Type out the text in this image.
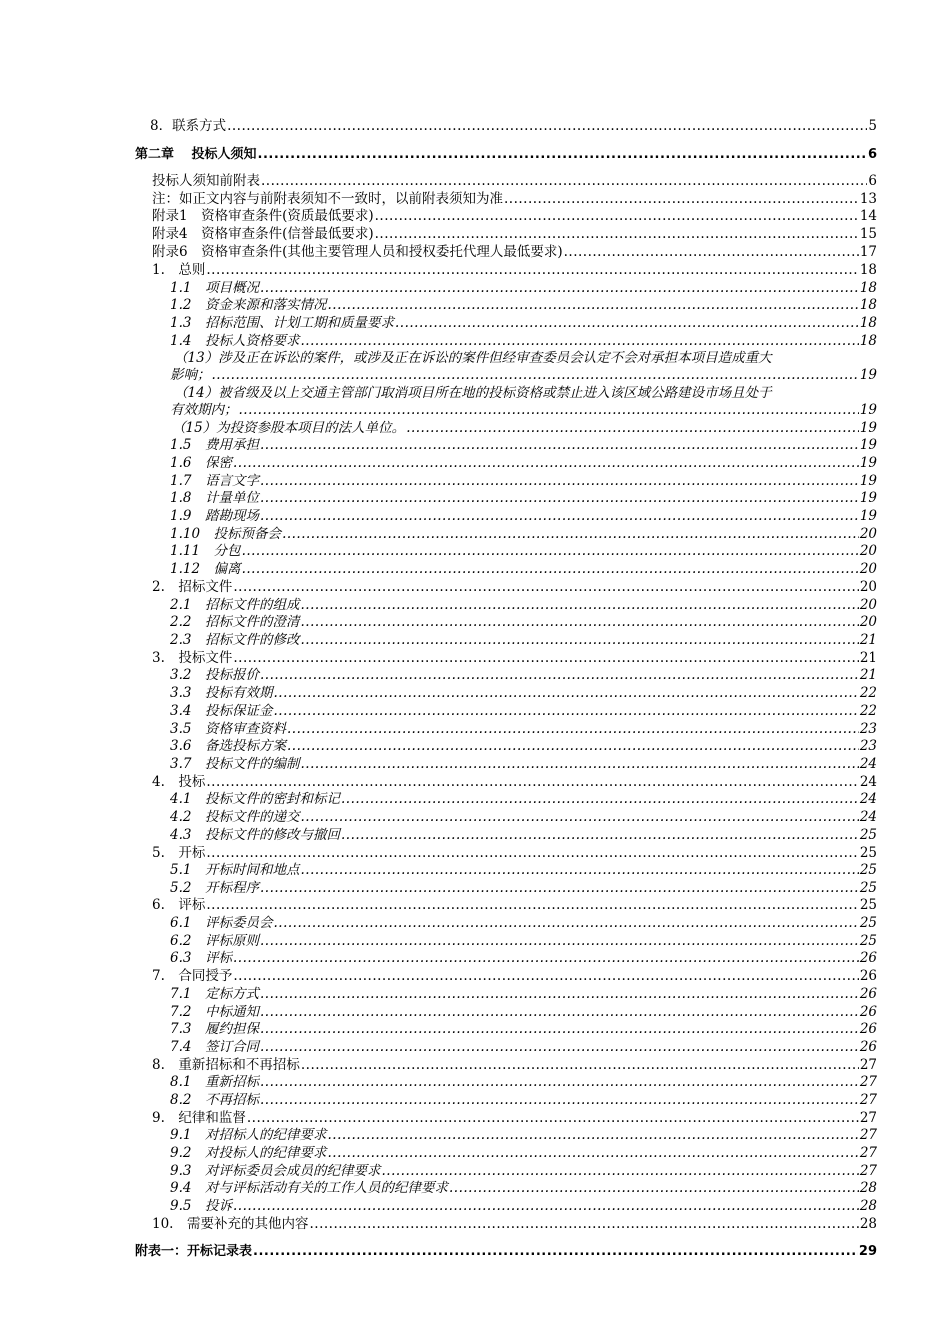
8．联系方式 .....	5
第二章　 投标人须知 .....	6
投标人须知前附表 .....	6
注：如正文内容与前附表须知不一致时，以前附表须知为准 .....	13
附录1　资格审查条件(资质最低要求) .....	14
附录4　资格审查条件(信誉最低要求) .....	15
附录6　资格审查条件(其他主要管理人员和授权委托代理人最低要求) .....	17
1.　总则 .....	18
1.1　项目概况 .....	18
1.2　资金来源和落实情况 .....	18
1.3　招标范围、计划工期和质量要求 .....	18
1.4　投标人资格要求 .....	18
（13）涉及正在诉讼的案件，或涉及正在诉讼的案件但经审查委员会认定不会对承担本项目造成重大
影响； .....	19
（14）被省级及以上交通主管部门取消项目所在地的投标资格或禁止进入该区域公路建设市场且处于
有效期内； .....	19
（15）为投资参股本项目的法人单位。 .....	19
1.5　费用承担 .....	19
1.6　保密 .....	19
1.7　语言文字 .....	19
1.8　计量单位 .....	19
1.9　踏勘现场 .....	19
1.10　投标预备会 .....	20
1.11　分包 .....	20
1.12　偏离 .....	20
2.　招标文件 .....	20
2.1　招标文件的组成 .....	20
2.2　招标文件的澄清 .....	20
2.3　招标文件的修改 .....	21
3.　投标文件 .....	21
3.2　投标报价 .....	21
3.3　投标有效期 .....	22
3.4　投标保证金 .....	22
3.5　资格审查资料 .....	23
3.6　备选投标方案 .....	23
3.7　投标文件的编制 .....	24
4.　投标 .....	24
4.1　投标文件的密封和标记 .....	24
4.2　投标文件的递交 .....	24
4.3　投标文件的修改与撤回 .....	25
5.　开标 .....	25
5.1　开标时间和地点 .....	25
5.2　开标程序 .....	25
6.　评标 .....	25
6.1　评标委员会 .....	25
6.2　评标原则 .....	25
6.3　评标 .....	26
7.　合同授予 .....	26
7.1　定标方式 .....	26
7.2　中标通知 .....	26
7.3　履约担保 .....	26
7.4　签订合同 .....	26
8.　重新招标和不再招标 .....	27
8.1　重新招标 .....	27
8.2　不再招标 .....	27
9.　纪律和监督 .....	27
9.1　对招标人的纪律要求 .....	27
9.2　对投标人的纪律要求 .....	27
9.3　对评标委员会成员的纪律要求 .....	27
9.4　对与评标活动有关的工作人员的纪律要求 .....	28
9.5　投诉 .....	28
10.　需要补充的其他内容 .....	28
附表一：开标记录表 .....	29
